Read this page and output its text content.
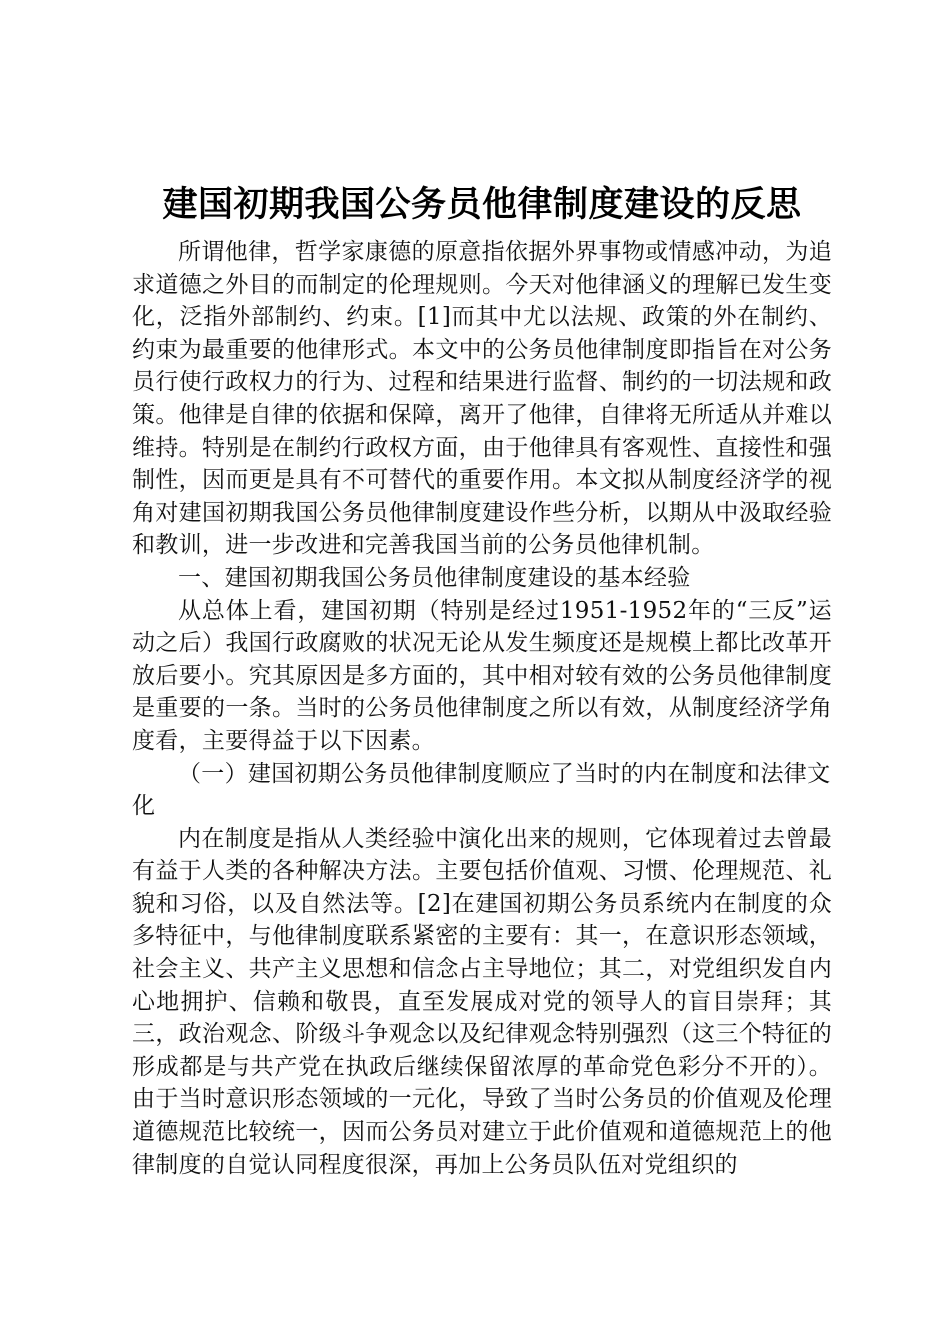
建国初期我国公务员他律制度建设的反思

所谓他律，哲学家康德的原意指依据外界事物或情感冲动，为追求道德之外目的而制定的伦理规则。今天对他律涵义的理解已发生变化，泛指外部制约、约束。[1]而其中尤以法规、政策的外在制约、约束为最重要的他律形式。本文中的公务员他律制度即指旨在对公务员行使行政权力的行为、过程和结果进行监督、制约的一切法规和政策。他律是自律的依据和保障，离开了他律，自律将无所适从并难以维持。特别是在制约行政权方面，由于他律具有客观性、直接性和强制性，因而更是具有不可替代的重要作用。本文拟从制度经济学的视角对建国初期我国公务员他律制度建设作些分析，以期从中汲取经验和教训，进一步改进和完善我国当前的公务员他律机制。

一、建国初期我国公务员他律制度建设的基本经验

从总体上看，建国初期（特别是经过1951-1952年的“三反”运动之后）我国行政腐败的状况无论从发生频度还是规模上都比改革开放后要小。究其原因是多方面的，其中相对较有效的公务员他律制度是重要的一条。当时的公务员他律制度之所以有效，从制度经济学角度看，主要得益于以下因素。

（一）建国初期公务员他律制度顺应了当时的内在制度和法律文化

内在制度是指从人类经验中演化出来的规则，它体现着过去曾最有益于人类的各种解决方法。主要包括价值观、习惯、伦理规范、礼貌和习俗，以及自然法等。[2]在建国初期公务员系统内在制度的众多特征中，与他律制度联系紧密的主要有：其一，在意识形态领域，社会主义、共产主义思想和信念占主导地位；其二，对党组织发自内心地拥护、信赖和敬畏，直至发展成对党的领导人的盲目崇拜；其三，政治观念、阶级斗争观念以及纪律观念特别强烈（这三个特征的形成都是与共产党在执政后继续保留浓厚的革命党色彩分不开的）。由于当时意识形态领域的一元化，导致了当时公务员的价值观及伦理道德规范比较统一，因而公务员对建立于此价值观和道德规范上的他律制度的自觉认同程度很深，再加上公务员队伍对党组织的
